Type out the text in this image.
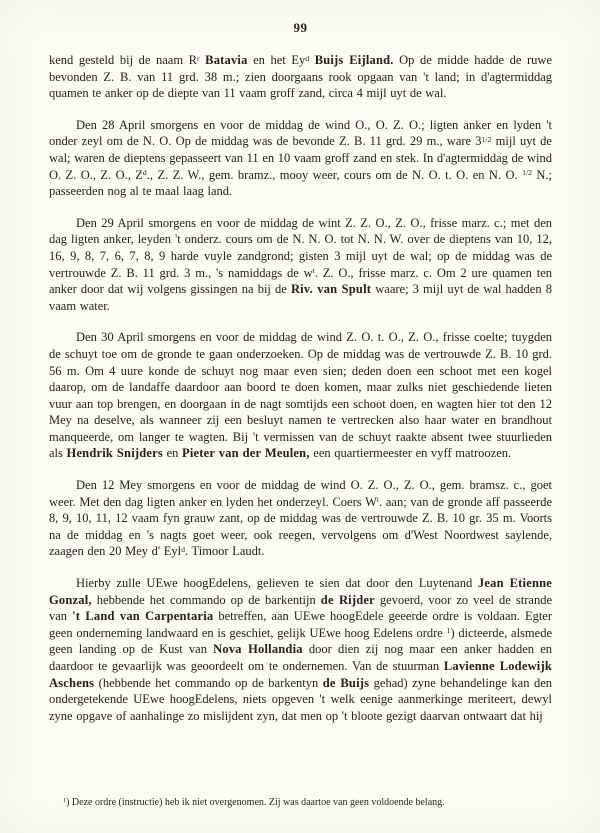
99

kend gesteld bij de naam $R^r$ Batavia en het Ey$^d$ Buijs Eijland. Op de midde hadde de ruwe bevonden Z. B. van 11 grd. 38 m.; zien doorgaans rook opgaan van 't land; in d'agtermiddag quamen te anker op de diepte van 11 vaam groff zand, circa 4 mijl uyt de wal.

Den 28 April smorgens en voor de middag de wind O., O. Z. O.; ligten anker en lyden 't onder zeyl om de N. O. Op de middag was de bevonde Z. B. 11 grd. 29 m., ware $3^{1/2}$ mijl uyt de wal; waren de dieptens gepasseert van 11 en 10 vaam groff zand en stek. In d'agtermiddag de wind O. Z. O., Z. O., $Z^d$., Z. Z. W., gem. bramz., mooy weer, cours om de N. O. t. O. en N. O. $^{1/2}$ N.; passeerden nog al te maal laag land.

Den 29 April smorgens en voor de middag de wint Z. Z. O., Z. O., frisse marz. c.; met den dag ligten anker, leyden 't onderz. cours om de N. N. O. tot N. N. W. over de dieptens van 10, 12, 16, 9, 8, 7, 6, 7, 8, 9 harde vuyle zandgrond; gisten 3 mijl uyt de wal; op de middag was de vertrouwde Z. B. 11 grd. 3 m., 's namiddags de $w^t$. Z. O., frisse marz. c. Om 2 ure quamen ten anker door dat wij volgens gissingen na bij de Riv. van Spult waare; 3 mijl uyt de wal hadden 8 vaam water.

Den 30 April smorgens en voor de middag de wind Z. O. t. O., Z. O., frisse coelte; tuygden de schuyt toe om de gronde te gaan onderzoeken. Op de middag was de vertrouwde Z. B. 10 grd. 56 m. Om 4 uure konde de schuyt nog maar even sien; deden doen een schoot met een kogel daarop, om de landaffe daardoor aan boord te doen komen, maar zulks niet geschiedende lieten vuur aan top brengen, en doorgaan in de nagt somtijds een schoot doen, en wagten hier tot den 12 Mey na deselve, als wanneer zij een besluyt namen te vertrecken also haar water en brandhout manqueerde, om langer te wagten. Bij 't vermissen van de schuyt raakte absent twee stuurlieden als Hendrik Snijders en Pieter van der Meulen, een quartiermeester en vyff matroozen.

Den 12 Mey smorgens en voor de middag de wind O. Z. O., Z. O., gem. bramsz. c., goet weer. Met den dag ligten anker en lyden het onderzeyl. Coers $W^t$. aan; van de gronde aff passeerde 8, 9, 10, 11, 12 vaam fyn grauw zant, op de middag was de vertrouwde Z. B. 10 gr. 35 m. Voorts na de middag en 's nagts goet weer, ook reegen, vervolgens om d'West Noordwest saylende, zaagen den 20 Mey d' Eyl$^d$. Timoor Laudt.

Hierby zulle UEwe hoogEdelens, gelieven te sien dat door den Luytenand Jean Etienne Gonzal, hebbende het commando op de barkentijn de Rijder gevoerd, voor zo veel de strande van 't Land van Carpentaria betreffen, aan UEwe hoogEdele geeerde ordre is voldaan. Egter geen onderneming landwaard en is geschiet, gelijk UEwe hoog Edelens ordre $^1$) dicteerde, alsmede geen landing op de Kust van Nova Hollandia door dien zij nog maar een anker hadden en daardoor te gevaarlijk was geoordeelt om te ondernemen. Van de stuurman Lavienne Lodewijk Aschens (hebbende het commando op de barkentyn de Buijs gehad) zyne behandelinge kan den ondergetekende UEwe hoogEdelens, niets opgeven 't welk eenige aanmerkinge meriteert, dewyl zyne opgave of aanhalinge zo mislijdent zyn, dat men op 't bloote gezigt daarvan ontwaart dat hij

$^1$) Deze ordre (instructie) heb ik niet overgenomen. Zij was daartoe van geen voldoende belang.
